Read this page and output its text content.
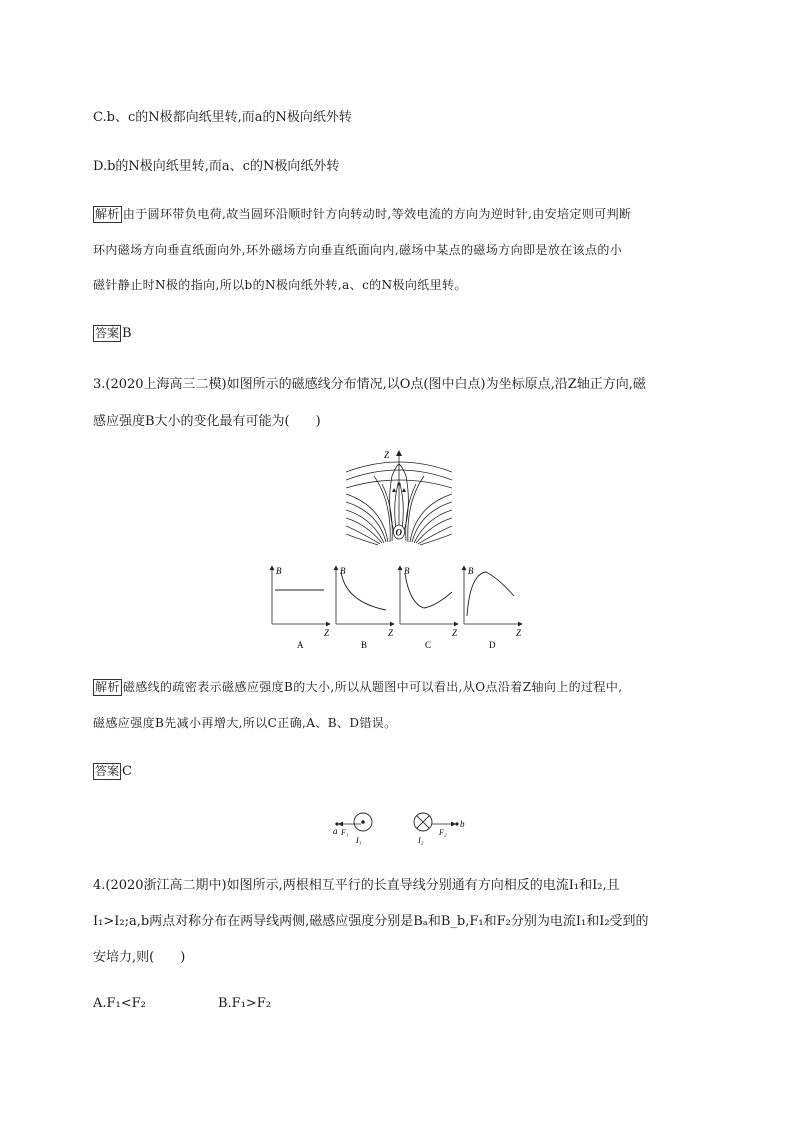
C.b、c的N极都向纸里转,而a的N极向纸外转
D.b的N极向纸里转,而a、c的N极向纸外转
解析 由于圆环带负电荷,故当圆环沿顺时针方向转动时,等效电流的方向为逆时针,由安培定则可判断
环内磁场方向垂直纸面向外,环外磁场方向垂直纸面向内,磁场中某点的磁场方向即是放在该点的小
磁针静止时N极的指向,所以b的N极向纸外转,a、c的N极向纸里转。
答案 B
3.(2020上海高三二模)如图所示的磁感线分布情况,以O点(图中白点)为坐标原点,沿Z轴正方向,磁
感应强度B大小的变化最有可能为(　　)
Z
O
B
Z
A
B
Z
B
B
Z
C
B
Z
D
解析 磁感线的疏密表示磁感应强度B的大小,所以从题图中可以看出,从O点沿着Z轴向上的过程中,
磁感应强度B先减小再增大,所以C正确,A、B、D错误。
答案 C
a F₁
I₁	I₂
F₂
b
4.(2020浙江高二期中)如图所示,两根相互平行的长直导线分别通有方向相反的电流I₁和I₂,且
I₁>I₂;a,b两点对称分布在两导线两侧,磁感应强度分别是Bₐ和B_b,F₁和F₂分别为电流I₁和I₂受到的
安培力,则(　　)
A.F₁<F₂	B.F₁>F₂
